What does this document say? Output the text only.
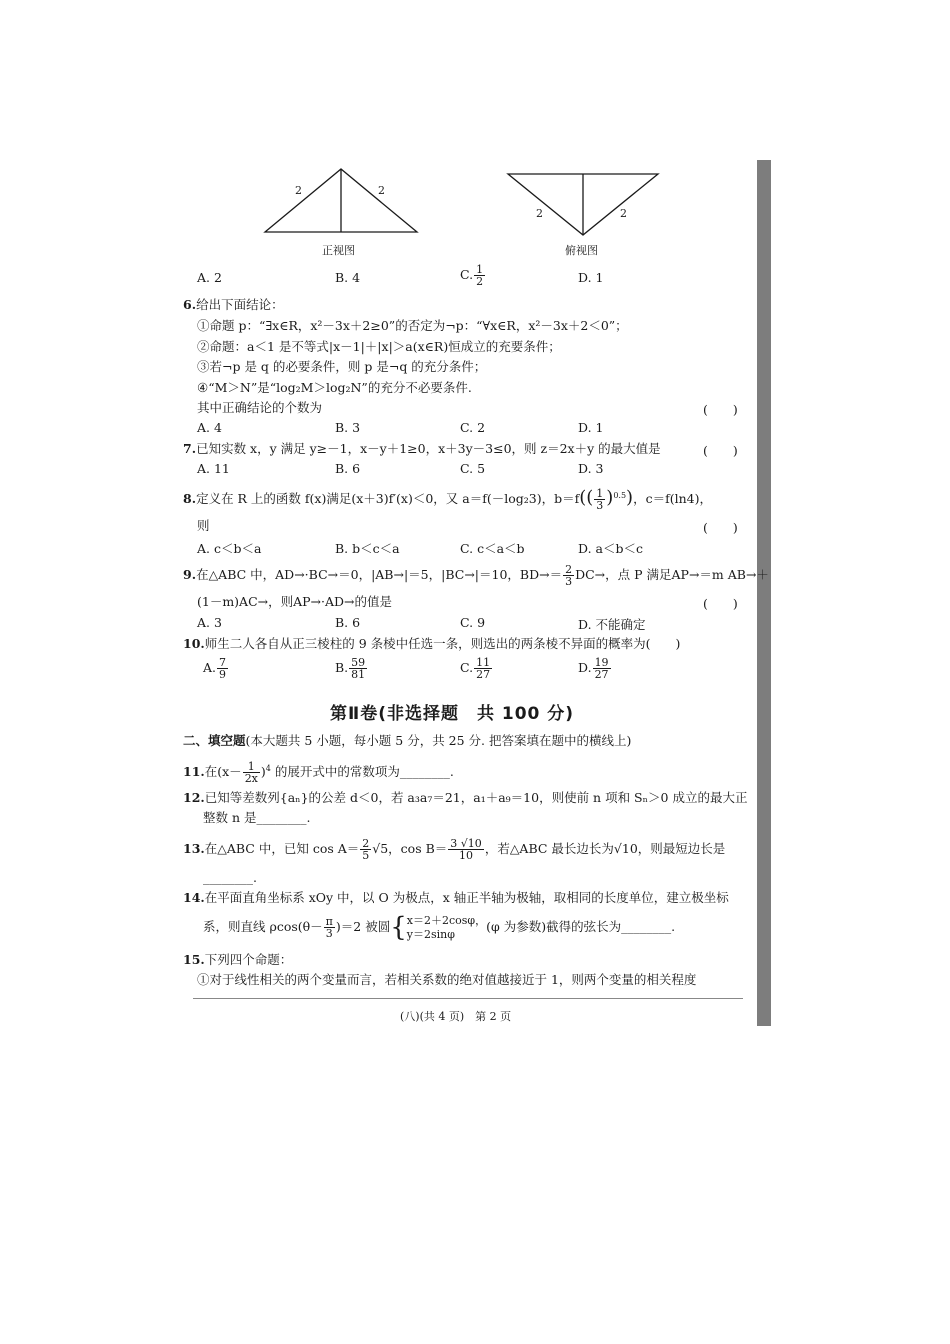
2	2
2	2
正视图	俯视图
A. 2	B. 4	C. $\frac{1}{2}$	D. 1
6.给出下面结论：
①命题 p：“∃x∈R，x²－3x＋2≥0”的否定为¬p：“∀x∈R，x²－3x＋2＜0”；
②命题：a＜1 是不等式|x－1|＋|x|＞a(x∈R)恒成立的充要条件；
③若¬p 是 q 的必要条件，则 p 是¬q 的充分条件；
④“M＞N”是“log₂M＞log₂N”的充分不必要条件.
其中正确结论的个数为	(　　)
A. 4	B. 3	C. 2	D. 1
7.已知实数 x，y 满足 y≥－1，x－y＋1≥0，x＋3y－3≤0，则 z＝2x＋y 的最大值是	(　　)
A. 11	B. 6	C. 5	D. 3
8.定义在 R 上的函数 f(x)满足(x＋3)f′(x)＜0，又 a＝f(－log₂3)，$b=f(( \frac{1}{3} )^{0.5})$，c＝f(ln4)，
则	(　　)
A. c＜b＜a	B. b＜c＜a	C. c＜a＜b	D. a＜b＜c
9.在△ABC 中，AD→·BC→＝0，|AB→|＝5，|BC→|＝10，$BD\to= \frac{2}{3} DC\to$，点 P 满足AP→＝m AB→＋
(1－m)AC→，则AP→·AD→的值是	(　　)
A. 3	B. 6	C. 9	D. 不能确定
10.师生二人各自从正三棱柱的 9 条棱中任选一条，则选出的两条棱不异面的概率为(　　)
A. $\frac{7}{9}$	B. $\frac{59}{81}$	C. $\frac{11}{27}$	D. $\frac{19}{27}$
第Ⅱ卷(非选择题　共 100 分)
二、填空题(本大题共 5 小题，每小题 5 分，共 25 分. 把答案填在题中的横线上)
11.在$(x- \frac{1}{2x} )^4$ 的展开式中的常数项为________.
12.已知等差数列{aₙ}的公差 d＜0，若 a₃a₇＝21，a₁＋a₉＝10，则使前 n 项和 Sₙ＞0 成立的最大正
整数 n 是________.
13.在△ABC 中，已知 $\cos A= \frac{2}{5} √5$，$\cos B= \frac{3 √10}{10}$ ，若△ABC 最长边长为√10，则最短边长是
________.
14.在平面直角坐标系 xOy 中，以 O 为极点，x 轴正半轴为极轴，取相同的长度单位，建立极坐标
系，则直线 $\rho\cos(\theta- \frac{\pi}{3} )=2$ 被圆{ x＝2＋2cosφ，
y＝2sinφ	(φ 为参数)截得的弦长为________.
15.下列四个命题：
①对于线性相关的两个变量而言，若相关系数的绝对值越接近于 1，则两个变量的相关程度
(八)(共 4 页)　第 2 页
